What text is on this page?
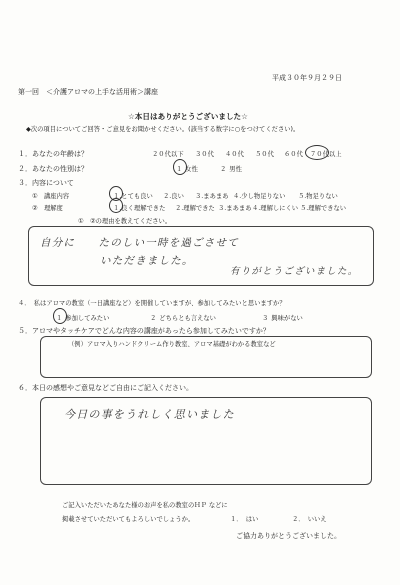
平成３０年９月２９日
第一回　＜介護アロマの上手な活用術＞講座
☆本日はありがとうございました☆
◆次の項目についてご回答・ご意見をお聞かせください。(該当する数字に○をつけてください)。
１．あなたの年齢は？	２０代以下 ３０代 ４０代 ５０代 ６０代 ７０代以上
２．あなたの性別は？	１ 女性	２ 男性
３．内容について
①　講座内容	１.とても良い ２.良い ３.まあまあ ４.少し物足りない ５.物足りない
②　理解度	１.良く理解できた ２.理解できた ３.まあまあ ４.理解しにくい ５.理解できない
①　②の理由を教えてください。
自分に　　たのしい一時を過ごさせて
いただきました。
有りがとうございました。
４．　私はアロマの教室（一日講座など）を開催していますが、参加してみたいと思いますか？
１ 参加してみたい	２ どちらとも言えない	３ 興味がない
５．アロマやタッチケアでどんな内容の講座があったら参加してみたいですか？
（例）アロマ入りハンドクリーム作り教室、アロマ基礎がわかる教室など
６．本日の感想やご意見などご自由にご記入ください。
今日の事をうれしく思いました
ご記入いただいたあなた様のお声を私の教室のＨＰ などに
掲載させていただいてもよろしいでしょうか。	１．　はい	２．　いいえ
ご協力ありがとうございました。
